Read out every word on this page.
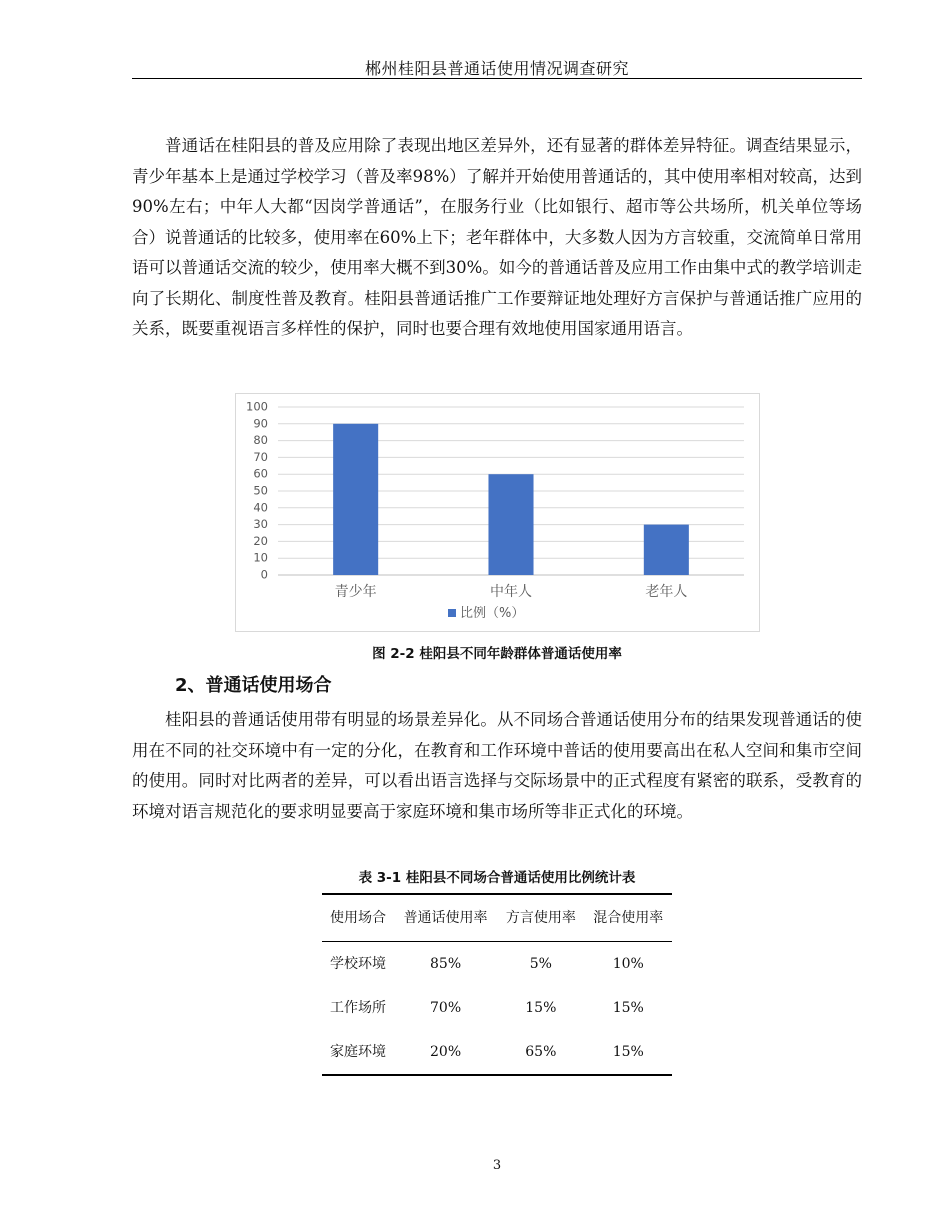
郴州桂阳县普通话使用情况调查研究

普通话在桂阳县的普及应用除了表现出地区差异外，还有显著的群体差异特征。调查结果显示，青少年基本上是通过学校学习（普及率98%）了解并开始使用普通话的，其中使用率相对较高，达到90%左右；中年人大都“因岗学普通话”，在服务行业（比如银行、超市等公共场所，机关单位等场合）说普通话的比较多，使用率在60%上下；老年群体中，大多数人因为方言较重，交流简单日常用语可以普通话交流的较少，使用率大概不到30%。如今的普通话普及应用工作由集中式的教学培训走向了长期化、制度性普及教育。桂阳县普通话推广工作要辩证地处理好方言保护与普通话推广应用的关系，既要重视语言多样性的保护，同时也要合理有效地使用国家通用语言。

0
10
20
30
40
50
60
70
80
90
100
青少年	中年人	老年人
比例（%）
图 2-2 桂阳县不同年龄群体普通话使用率
2、普通话使用场合

桂阳县的普通话使用带有明显的场景差异化。从不同场合普通话使用分布的结果发现普通话的使用在不同的社交环境中有一定的分化，在教育和工作环境中普话的使用要高出在私人空间和集市空间的使用。同时对比两者的差异，可以看出语言选择与交际场景中的正式程度有紧密的联系，受教育的环境对语言规范化的要求明显要高于家庭环境和集市场所等非正式化的环境。

表 3-1 桂阳县不同场合普通话使用比例统计表
使用场合	普通话使用率	方言使用率	混合使用率
学校环境	85%	5%	10%
工作场所	70%	15%	15%
家庭环境	20%	65%	15%
3
